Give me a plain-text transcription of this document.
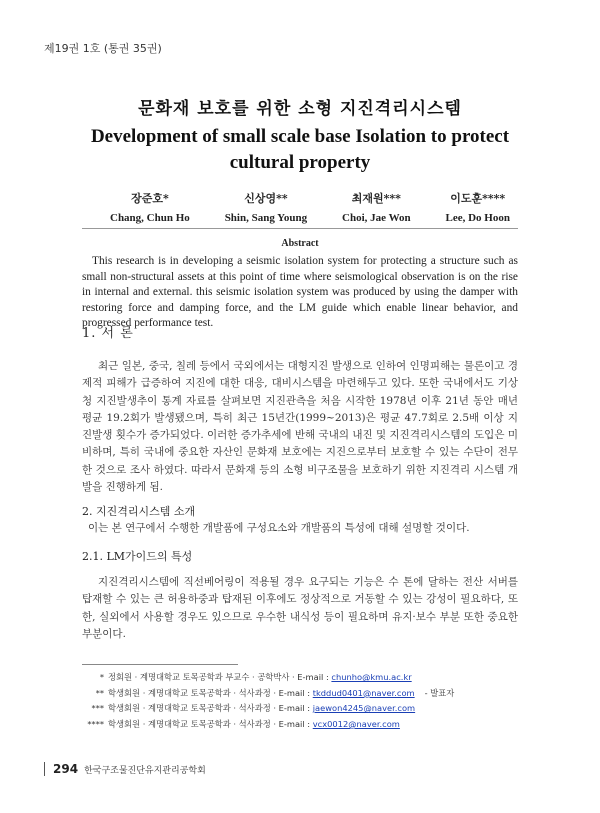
제19권 1호 (통권 35권)
문화재 보호를 위한 소형 지진격리시스템
Development of small scale base Isolation to protect cultural property
장준호*
Chang, Chun Ho
신상영**
Shin, Sang Young
최재원***
Choi, Jae Won
이도훈****
Lee, Do Hoon
Abstract

This research is in developing a seismic isolation system for protecting a structure such as small non-structural assets at this point of time where seismological observation is on the rise in internal and external. this seismic isolation system was produced by using the damper with restoring force and damping force, and the LM guide which enable linear behavior, and progressed performance test.

1. 서 론

최근 일본, 중국, 칠레 등에서 국외에서는 대형지진 발생으로 인하여 인명피해는 물론이고 경제적 피해가 급증하여 지진에 대한 대응, 대비시스템을 마련해두고 있다. 또한 국내에서도 기상청 지진발생추이 통계 자료를 살펴보면 지진관측을 처음 시작한 1978년 이후 21년 동안 매년 평균 19.2회가 발생됐으며, 특히 최근 15년간(1999~2013)은 평균 47.7회로 2.5배 이상 지진발생 횟수가 증가되었다. 이러한 증가추세에 반해 국내의 내진 및 지진격리시스템의 도입은 미비하며, 특히 국내에 중요한 자산인 문화재 보호에는 지진으로부터 보호할 수 있는 수단이 전무 한 것으로 조사 하였다. 따라서 문화재 등의 소형 비구조물을 보호하기 위한 지진격리 시스템 개발을 진행하게 됨.

2. 지진격리시스템 소개

이는 본 연구에서 수행한 개발품에 구성요소와 개발품의 특성에 대해 설명할 것이다.

2.1. LM가이드의 특성

지진격리시스템에 직선베어링이 적용될 경우 요구되는 기능은 수 톤에 달하는 전산 서버를 탑재할 수 있는 큰 허용하중과 탑재된 이후에도 정상적으로 거동할 수 있는 강성이 필요하다, 또한, 실외에서 사용할 경우도 있으므로 우수한 내식성 등이 필요하며 유지·보수 부분 또한 중요한 부분이다.

* 정회원 · 계명대학교 토목공학과 부교수 · 공학박사 · E-mail : chunho@kmu.ac.kr
** 학생회원 · 계명대학교 토목공학과 · 석사과정 · E-mail : tkddud0401@naver.com - 발표자
*** 학생회원 · 계명대학교 토목공학과 · 석사과정 · E-mail : jaewon4245@naver.com
**** 학생회원 · 계명대학교 토목공학과 · 석사과정 · E-mail : vcx0012@naver.com
294 한국구조물진단유지관리공학회
